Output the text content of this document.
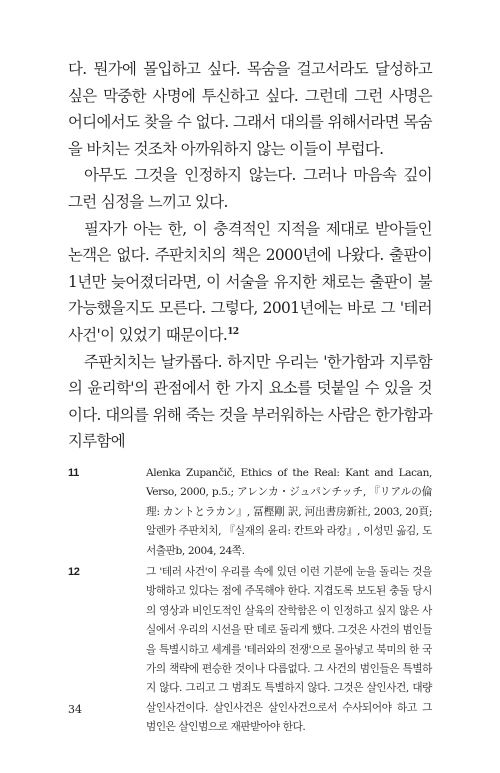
다. 뭔가에 몰입하고 싶다. 목숨을 걸고서라도 달성하고 싶은 막중한 사명에 투신하고 싶다. 그런데 그런 사명은 어디에서도 찾을 수 없다. 그래서 대의를 위해서라면 목숨을 바치는 것조차 아까워하지 않는 이들이 부럽다.

아무도 그것을 인정하지 않는다. 그러나 마음속 깊이 그런 심정을 느끼고 있다.

필자가 아는 한, 이 충격적인 지적을 제대로 받아들인 논객은 없다. 주판치치의 책은 2000년에 나왔다. 출판이 1년만 늦어졌더라면, 이 서술을 유지한 채로는 출판이 불가능했을지도 모른다. 그렇다, 2001년에는 바로 그 '테러 사건'이 있었기 때문이다.$^{12}$

주판치치는 날카롭다. 하지만 우리는 '한가함과 지루함의 윤리학'의 관점에서 한 가지 요소를 덧붙일 수 있을 것이다. 대의를 위해 죽는 것을 부러워하는 사람은 한가함과 지루함에

11	Alenka Zupančič, Ethics of the Real: Kant and Lacan, Verso, 2000, p.5.; アレンカ・ジュパンチッチ, 『リアルの倫理: カントとラカン』, 冨樫剛 訳, 河出書房新社, 2003, 20頁; 알렌카 주판치치, 『실재의 윤리: 칸트와 라캉』, 이성민 옮김, 도서출판b, 2004, 24쪽.
12	그 '테러 사건'이 우리를 속에 있던 이런 기분에 눈을 돌리는 것을 방해하고 있다는 점에 주목해야 한다. 지겹도록 보도된 충돌 당시의 영상과 비인도적인 살육의 잔학함은 이 인정하고 싶지 않은 사실에서 우리의 시선을 딴 데로 돌리게 했다. 그것은 사건의 범인들을 특별시하고 세계를 '테러와의 전쟁'으로 몰아넣고 북미의 한 국가의 책략에 편승한 것이나 다름없다. 그 사건의 범인들은 특별하지 않다. 그리고 그 범죄도 특별하지 않다. 그것은 살인사건, 대량 살인사건이다. 살인사건은 살인사건으로서 수사되어야 하고 그 범인은 살인범으로 재판받아야 한다.
34
